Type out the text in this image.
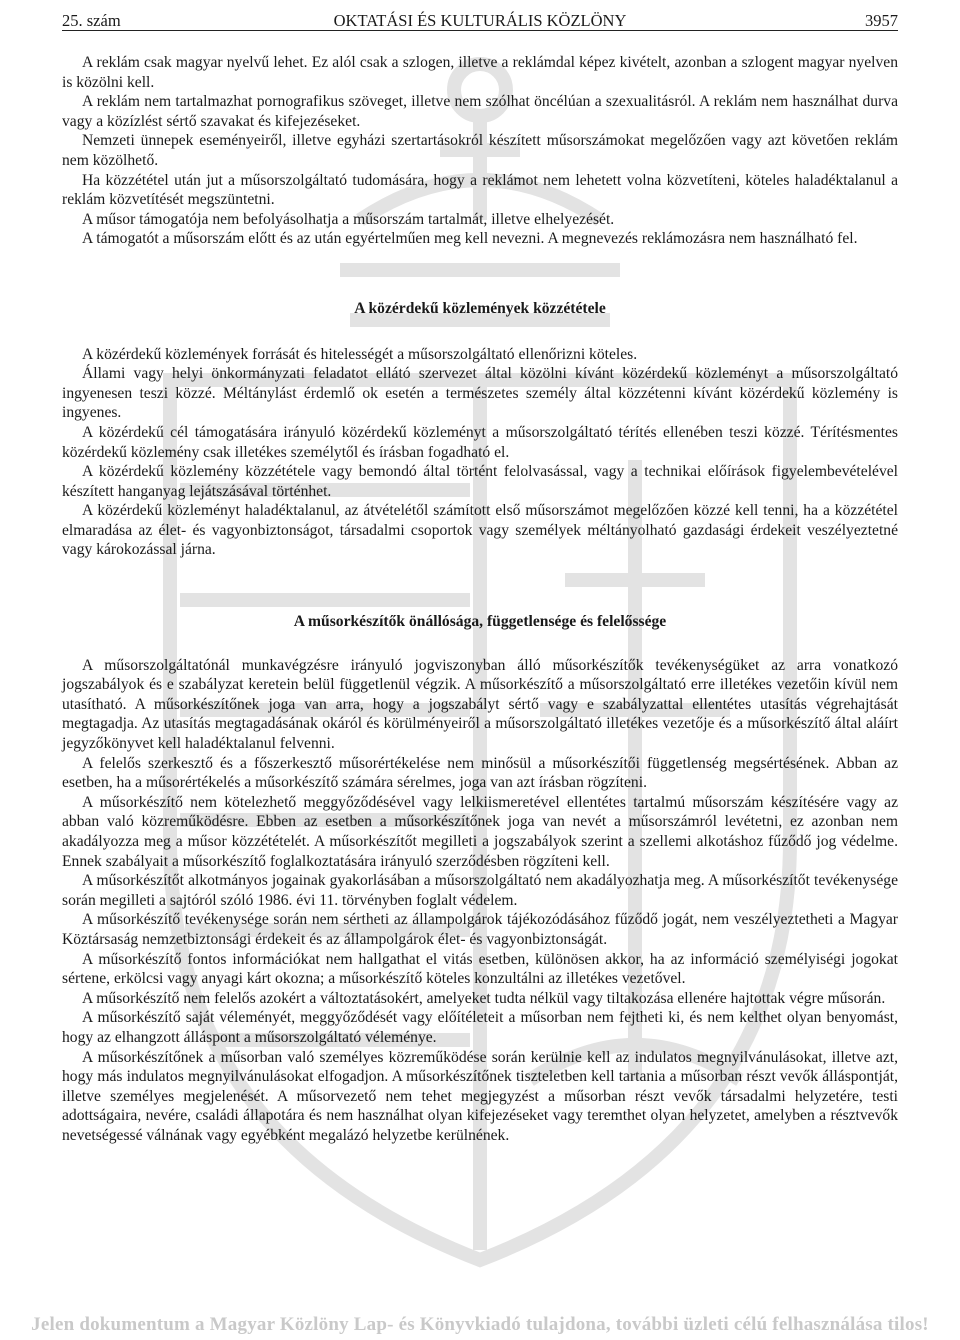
25. szám	OKTATÁSI ÉS KULTURÁLIS KÖZLÖNY	3957

A reklám csak magyar nyelvű lehet. Ez alól csak a szlogen, illetve a reklámdal képez kivételt, azonban a szlogent magyar nyelven is közölni kell.

A reklám nem tartalmazhat pornografikus szöveget, illetve nem szólhat öncélúan a szexualitásról. A reklám nem használhat durva vagy a közízlést sértő szavakat és kifejezéseket.

Nemzeti ünnepek eseményeiről, illetve egyházi szertartásokról készített műsorszámokat megelőzően vagy azt követően reklám nem közölhető.

Ha közzététel után jut a műsorszolgáltató tudomására, hogy a reklámot nem lehetett volna közvetíteni, köteles haladéktalanul a reklám közvetítését megszüntetni.

A műsor támogatója nem befolyásolhatja a műsorszám tartalmát, illetve elhelyezését.

A támogatót a műsorszám előtt és az után egyértelműen meg kell nevezni. A megnevezés reklámozásra nem használható fel.

A közérdekű közlemények közzététele

A közérdekű közlemények forrását és hitelességét a műsorszolgáltató ellenőrizni köteles.

Állami vagy helyi önkormányzati feladatot ellátó szervezet által közölni kívánt közérdekű közleményt a műsorszolgáltató ingyenesen teszi közzé. Méltánylást érdemlő ok esetén a természetes személy által közzétenni kívánt közérdekű közlemény is ingyenes.

A közérdekű cél támogatására irányuló közérdekű közleményt a műsorszolgáltató térítés ellenében teszi közzé. Térítésmentes közérdekű közlemény csak illetékes személytől és írásban fogadható el.

A közérdekű közlemény közzététele vagy bemondó által történt felolvasással, vagy a technikai előírások figyelembevételével készített hanganyag lejátszásával történhet.

A közérdekű közleményt haladéktalanul, az átvételétől számított első műsorszámot megelőzően közzé kell tenni, ha a közzététel elmaradása az élet- és vagyonbiztonságot, társadalmi csoportok vagy személyek méltányolható gazdasági érdekeit veszélyeztetné vagy károkozással járna.

A műsorkészítők önállósága, függetlensége és felelőssége

A műsorszolgáltatónál munkavégzésre irányuló jogviszonyban álló műsorkészítők tevékenységüket az arra vonatkozó jogszabályok és e szabályzat keretein belül függetlenül végzik. A műsorkészítő a műsorszolgáltató erre illetékes vezetőin kívül nem utasítható. A műsorkészítőnek joga van arra, hogy a jogszabályt sértő vagy e szabályzattal ellentétes utasítás végrehajtását megtagadja. Az utasítás megtagadásának okáról és körülményeiről a műsorszolgáltató illetékes vezetője és a műsorkészítő által aláírt jegyzőkönyvet kell haladéktalanul felvenni.

A felelős szerkesztő és a főszerkesztő műsorértékelése nem minősül a műsorkészítői függetlenség megsértésének. Abban az esetben, ha a műsorértékelés a műsorkészítő számára sérelmes, joga van azt írásban rögzíteni.

A műsorkészítő nem kötelezhető meggyőződésével vagy lelkiismeretével ellentétes tartalmú műsorszám készítésére vagy az abban való közreműködésre. Ebben az esetben a műsorkészítőnek joga van nevét a műsorszámról levétetni, ez azonban nem akadályozza meg a műsor közzétételét. A műsorkészítőt megilleti a jogszabályok szerint a szellemi alkotáshoz fűződő jog védelme. Ennek szabályait a műsorkészítő foglalkoztatására irányuló szerződésben rögzíteni kell.

A műsorkészítőt alkotmányos jogainak gyakorlásában a műsorszolgáltató nem akadályozhatja meg. A műsorkészítőt tevékenysége során megilleti a sajtóról szóló 1986. évi 11. törvényben foglalt védelem.

A műsorkészítő tevékenysége során nem sértheti az állampolgárok tájékozódásához fűződő jogát, nem veszélyeztetheti a Magyar Köztársaság nemzetbiztonsági érdekeit és az állampolgárok élet- és vagyonbiztonságát.

A műsorkészítő fontos információkat nem hallgathat el vitás esetben, különösen akkor, ha az információ személyiségi jogokat sértene, erkölcsi vagy anyagi kárt okozna; a műsorkészítő köteles konzultálni az illetékes vezetővel.

A műsorkészítő nem felelős azokért a változtatásokért, amelyeket tudta nélkül vagy tiltakozása ellenére hajtottak végre műsorán.

A műsorkészítő saját véleményét, meggyőződését vagy előítéleteit a műsorban nem fejtheti ki, és nem kelthet olyan benyomást, hogy az elhangzott álláspont a műsorszolgáltató véleménye.

A műsorkészítőnek a műsorban való személyes közreműködése során kerülnie kell az indulatos megnyilvánulásokat, illetve azt, hogy más indulatos megnyilvánulásokat elfogadjon. A műsorkészítőnek tiszteletben kell tartania a műsorban részt vevők álláspontját, illetve személyes megjelenését. A műsorvezető nem tehet megjegyzést a műsorban részt vevők társadalmi helyzetére, testi adottságaira, nevére, családi állapotára és nem használhat olyan kifejezéseket vagy teremthet olyan helyzetet, amelyben a résztvevők nevetségessé válnának vagy egyébként megalázó helyzetbe kerülnének.

Jelen dokumentum a Magyar Közlöny Lap- és Könyvkiadó tulajdona, további üzleti célú felhasználása tilos!
